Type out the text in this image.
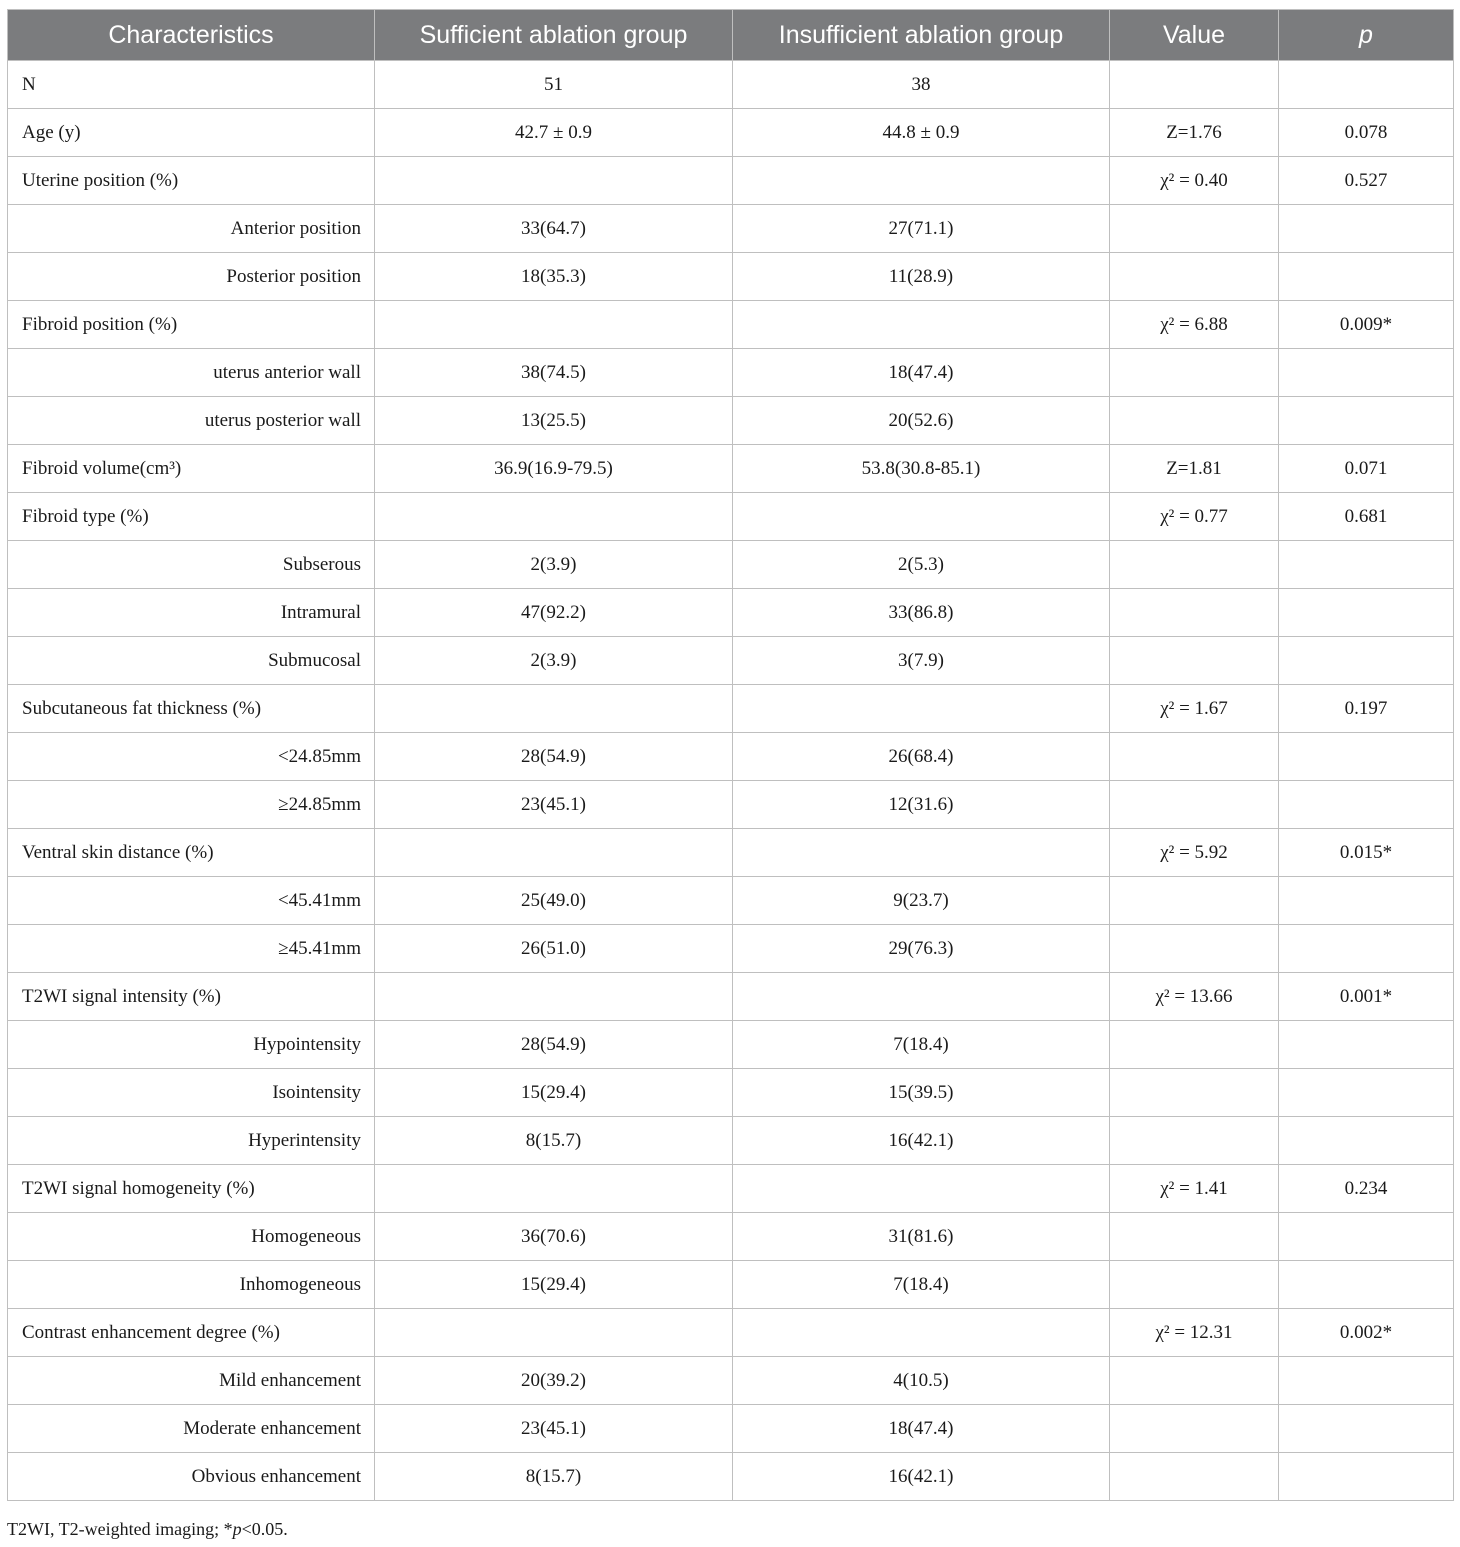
Characteristics	Sufficient ablation group	Insufficient ablation group	Value	p
N	51	38		
Age (y)	42.7 ± 0.9	44.8 ± 0.9	Z=1.76	0.078
Uterine position (%)			χ² = 0.40	0.527
Anterior position	33(64.7)	27(71.1)		
Posterior position	18(35.3)	11(28.9)		
Fibroid position (%)			χ² = 6.88	0.009*
uterus anterior wall	38(74.5)	18(47.4)		
uterus posterior wall	13(25.5)	20(52.6)		
Fibroid volume(cm³)	36.9(16.9-79.5)	53.8(30.8-85.1)	Z=1.81	0.071
Fibroid type (%)			χ² = 0.77	0.681
Subserous	2(3.9)	2(5.3)		
Intramural	47(92.2)	33(86.8)		
Submucosal	2(3.9)	3(7.9)		
Subcutaneous fat thickness (%)			χ² = 1.67	0.197
<24.85mm	28(54.9)	26(68.4)		
≥24.85mm	23(45.1)	12(31.6)		
Ventral skin distance (%)			χ² = 5.92	0.015*
<45.41mm	25(49.0)	9(23.7)		
≥45.41mm	26(51.0)	29(76.3)		
T2WI signal intensity (%)			χ² = 13.66	0.001*
Hypointensity	28(54.9)	7(18.4)		
Isointensity	15(29.4)	15(39.5)		
Hyperintensity	8(15.7)	16(42.1)		
T2WI signal homogeneity (%)			χ² = 1.41	0.234
Homogeneous	36(70.6)	31(81.6)		
Inhomogeneous	15(29.4)	7(18.4)		
Contrast enhancement degree (%)			χ² = 12.31	0.002*
Mild enhancement	20(39.2)	4(10.5)		
Moderate enhancement	23(45.1)	18(47.4)		
Obvious enhancement	8(15.7)	16(42.1)		
T2WI, T2-weighted imaging; *p<0.05.
